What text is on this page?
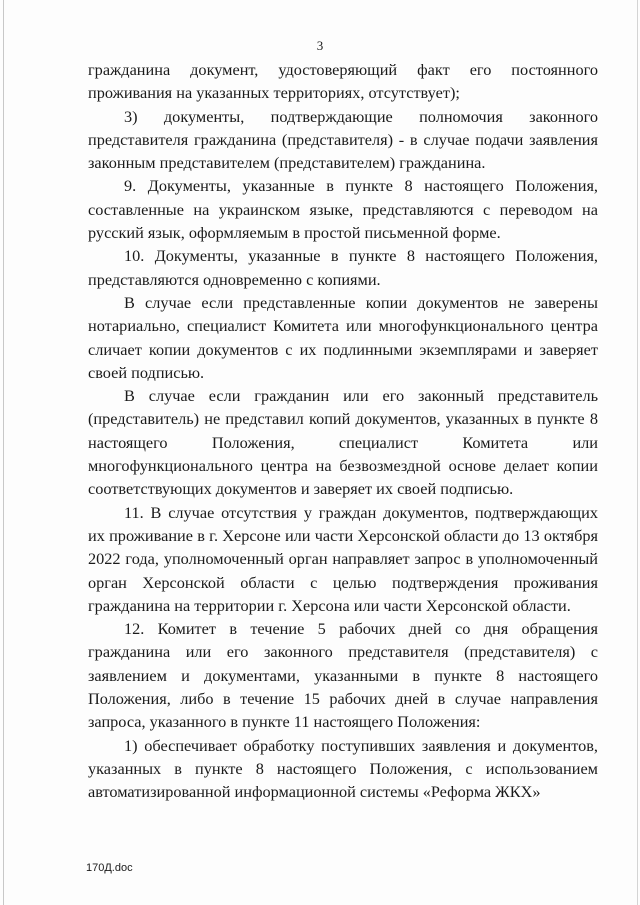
3

гражданина документ, удостоверяющий факт его постоянного проживания на указанных территориях, отсутствует);

3) документы, подтверждающие полномочия законного представителя гражданина (представителя) - в случае подачи заявления законным представителем (представителем) гражданина.

9. Документы, указанные в пункте 8 настоящего Положения, составленные на украинском языке, представляются с переводом на русский язык, оформляемым в простой письменной форме.

10. Документы, указанные в пункте 8 настоящего Положения, представляются одновременно с копиями.

В случае если представленные копии документов не заверены нотариально, специалист Комитета или многофункционального центра сличает копии документов с их подлинными экземплярами и заверяет своей подписью.

В случае если гражданин или его законный представитель (представитель) не представил копий документов, указанных в пункте 8 настоящего Положения, специалист Комитета или многофункционального центра на безвозмездной основе делает копии соответствующих документов и заверяет их своей подписью.

11. В случае отсутствия у граждан документов, подтверждающих их проживание в г. Херсоне или части Херсонской области до 13 октября 2022 года, уполномоченный орган направляет запрос в уполномоченный орган Херсонской области с целью подтверждения проживания гражданина на территории г. Херсона или части Херсонской области.

12. Комитет в течение 5 рабочих дней со дня обращения гражданина или его законного представителя (представителя) с заявлением и документами, указанными в пункте 8 настоящего Положения, либо в течение 15 рабочих дней в случае направления запроса, указанного в пункте 11 настоящего Положения:

1) обеспечивает обработку поступивших заявления и документов, указанных в пункте 8 настоящего Положения, с использованием автоматизированной информационной системы «Реформа ЖКХ»

170Д.doc
